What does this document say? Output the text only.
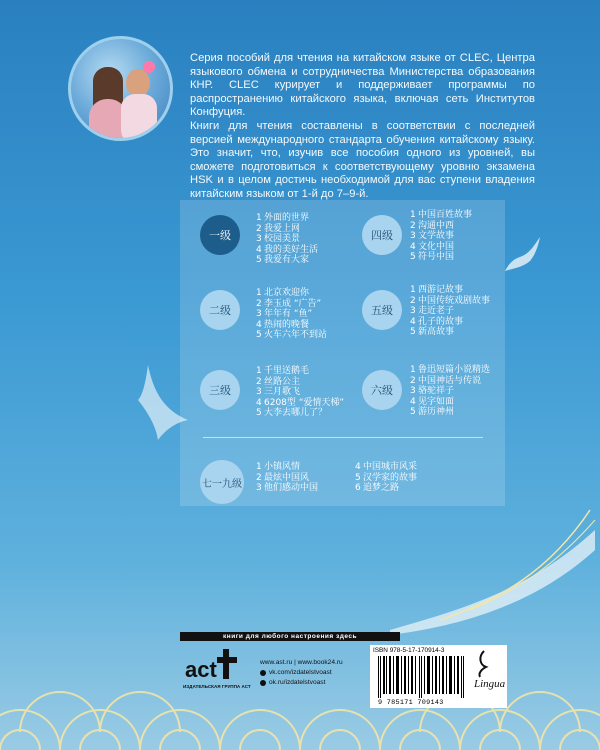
Серия пособий для чтения на китайском языке от CLEC, Центра языкового обмена и сотрудничества Министерства образования КНР. CLEC курирует и поддерживает программы по распространению китайского языка, включая сеть Институтов Конфуция.

Книги для чтения составлены в соответствии с последней версией международного стандарта обучения китайскому языку. Это значит, что, изучив все пособия одного из уровней, вы сможете подготовиться к соответствующему уровню экзамена HSK и в целом достичь необходимой для вас ступени владения китайским языком от 1-й до 7–9-й.

一级
1 外面的世界
2 我爱上网
3 校园美景
4 我的美好生活
5 我爱有大家
二级
1 北京欢迎你
2 李玉成 “广告”
3 年年有 “鱼”
4 热闹的晚餐
5 火车六年不到站
三级
1 千里送鹅毛
2 丝路公主
3 三月歌飞
4 6208型 “爱情天梯”
5 大李去哪儿了？
四级
1 中国百姓故事
2 沟通中西
3 文学故事
4 文化中国
5 符号中国
五级
1 西游记故事
2 中国传统戏剧故事
3 走近老子
4 孔子的故事
5 新高故事
六级
1 鲁迅短篇小说精选
2 中国神话与传说
3 骆驼祥子
4 见字如面
5 游历神州
七一九级
1 小镇风情
2 最炫中国风
3 他们感动中国
4 中国城市风采
5 汉学家的故事
6 追梦之路
книги для любого настроения здесь
act
ИЗДАТЕЛЬСКАЯ ГРУППА АСТ
www.ast.ru | www.book24.ru
vk.com/izdatelstvoast
ok.ru/izdatelstvoast
ISBN 978-5-17-170914-3
9 785171 709143
Lingua
